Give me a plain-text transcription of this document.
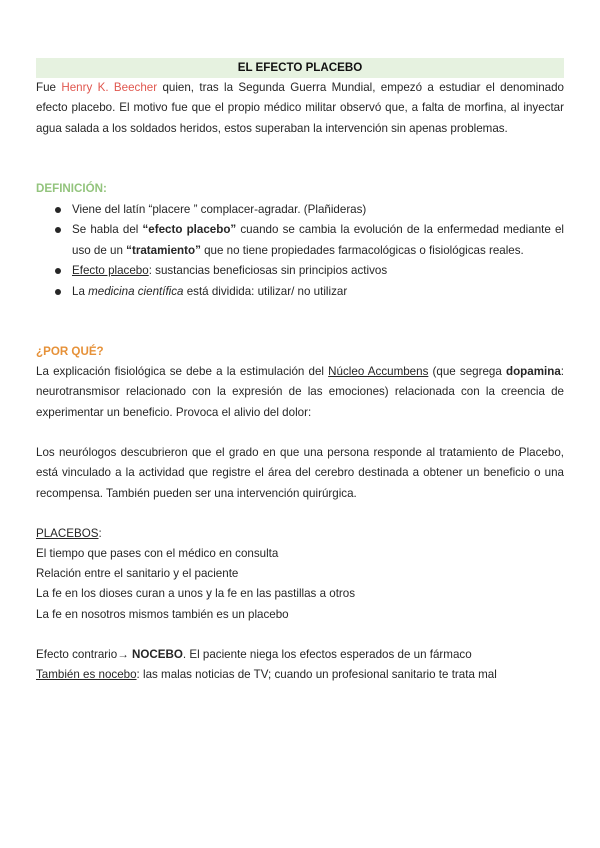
EL EFECTO PLACEBO

Fue Henry K. Beecher quien, tras la Segunda Guerra Mundial, empezó a estudiar el denominado efecto placebo. El motivo fue que el propio médico militar observó que, a falta de morfina, al inyectar agua salada a los soldados heridos, estos superaban la intervención sin apenas problemas.

DEFINICIÓN:

Viene del latín “placere ” complacer-agradar. (Plañideras)
Se habla del “efecto placebo” cuando se cambia la evolución de la enfermedad mediante el uso de un “tratamiento” que no tiene propiedades farmacológicas o fisiológicas reales.
Efecto placebo: sustancias beneficiosas sin principios activos
La medicina científica está dividida: utilizar/ no utilizar

¿POR QUÉ?

La explicación fisiológica se debe a la estimulación del Núcleo Accumbens (que segrega dopamina: neurotransmisor relacionado con la expresión de las emociones) relacionada con la creencia de experimentar un beneficio. Provoca el alivio del dolor:

Los neurólogos descubrieron que el grado en que una persona responde al tratamiento de Placebo, está vinculado a la actividad que registre el área del cerebro destinada a obtener un beneficio o una recompensa. También pueden ser una intervención quirúrgica.

PLACEBOS:

El tiempo que pases con el médico en consulta

Relación entre el sanitario y el paciente

La fe en los dioses curan a unos y la fe en las pastillas a otros

La fe en nosotros mismos también es un placebo

Efecto contrario→ NOCEBO. El paciente niega los efectos esperados de un fármaco

También es nocebo: las malas noticias de TV; cuando un profesional sanitario te trata mal
